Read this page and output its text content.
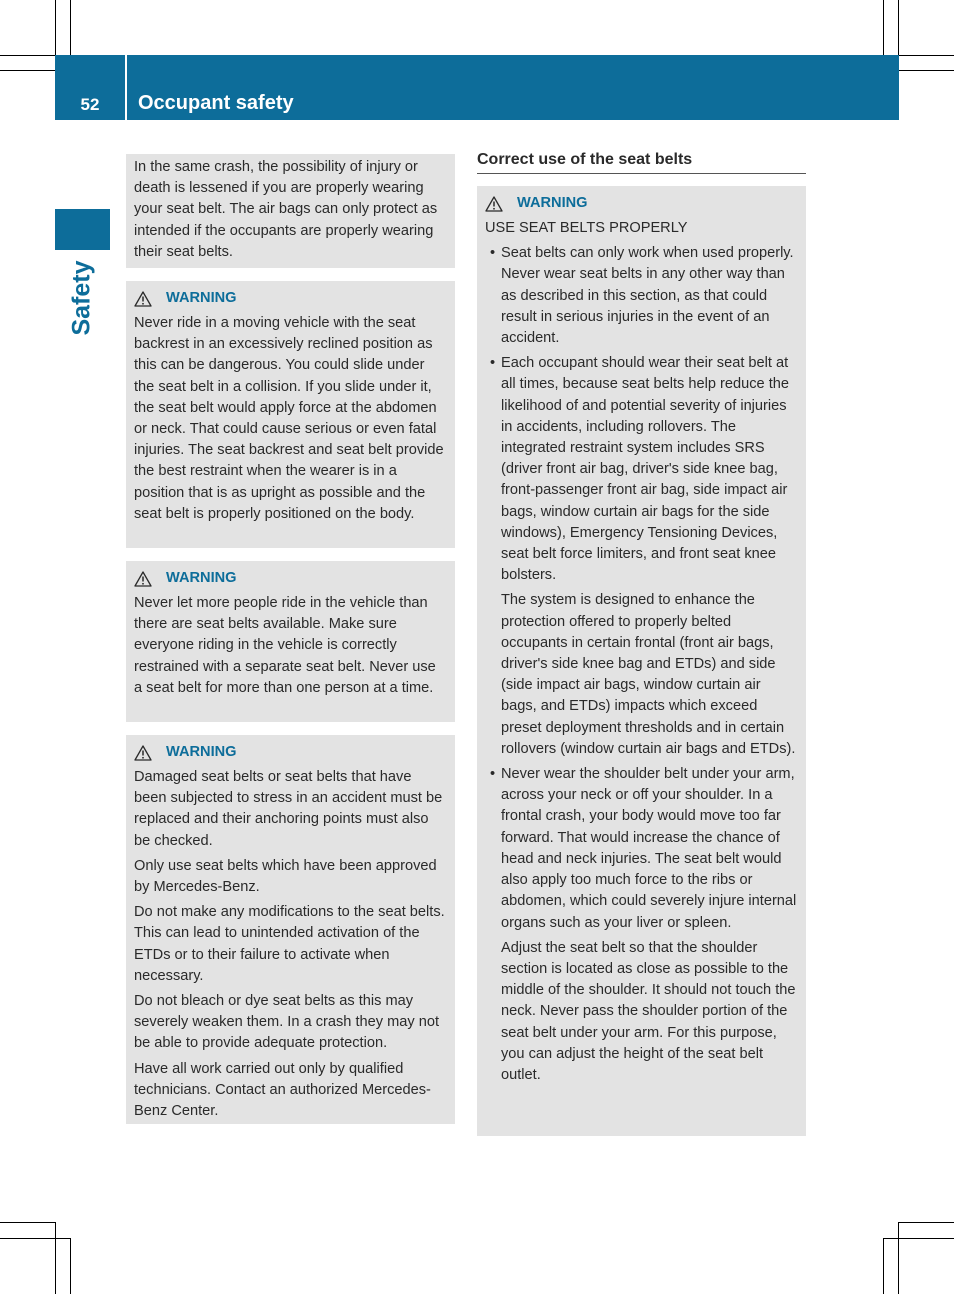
52	Occupant safety
Safety

In the same crash, the possibility of injury or death is lessened if you are properly wearing your seat belt. The air bags can only protect as intended if the occupants are properly wearing their seat belts.

WARNING

Never ride in a moving vehicle with the seat backrest in an excessively reclined position as this can be dangerous. You could slide under the seat belt in a collision. If you slide under it, the seat belt would apply force at the abdomen or neck. That could cause serious or even fatal injuries. The seat backrest and seat belt provide the best restraint when the wearer is in a position that is as upright as possible and the seat belt is properly positioned on the body.

WARNING

Never let more people ride in the vehicle than there are seat belts available. Make sure everyone riding in the vehicle is correctly restrained with a separate seat belt. Never use a seat belt for more than one person at a time.

WARNING

Damaged seat belts or seat belts that have been subjected to stress in an accident must be replaced and their anchoring points must also be checked.

Only use seat belts which have been approved by Mercedes-Benz.

Do not make any modifications to the seat belts. This can lead to unintended activation of the ETDs or to their failure to activate when necessary.

Do not bleach or dye seat belts as this may severely weaken them. In a crash they may not be able to provide adequate protection.

Have all work carried out only by qualified technicians. Contact an authorized Mercedes-Benz Center.

Correct use of the seat belts
WARNING

USE SEAT BELTS PROPERLY

• Seat belts can only work when used properly. Never wear seat belts in any other way than as described in this section, as that could result in serious injuries in the event of an accident.

• Each occupant should wear their seat belt at all times, because seat belts help reduce the likelihood of and potential severity of injuries in accidents, including rollovers. The integrated restraint system includes SRS (driver front air bag, driver's side knee bag, front-passenger front air bag, side impact air bags, window curtain air bags for the side windows), Emergency Tensioning Devices, seat belt force limiters, and front seat knee bolsters.

The system is designed to enhance the protection offered to properly belted occupants in certain frontal (front air bags, driver's side knee bag and ETDs) and side (side impact air bags, window curtain air bags, and ETDs) impacts which exceed preset deployment thresholds and in certain rollovers (window curtain air bags and ETDs).

• Never wear the shoulder belt under your arm, across your neck or off your shoulder. In a frontal crash, your body would move too far forward. That would increase the chance of head and neck injuries. The seat belt would also apply too much force to the ribs or abdomen, which could severely injure internal organs such as your liver or spleen.

Adjust the seat belt so that the shoulder section is located as close as possible to the middle of the shoulder. It should not touch the neck. Never pass the shoulder portion of the seat belt under your arm. For this purpose, you can adjust the height of the seat belt outlet.
